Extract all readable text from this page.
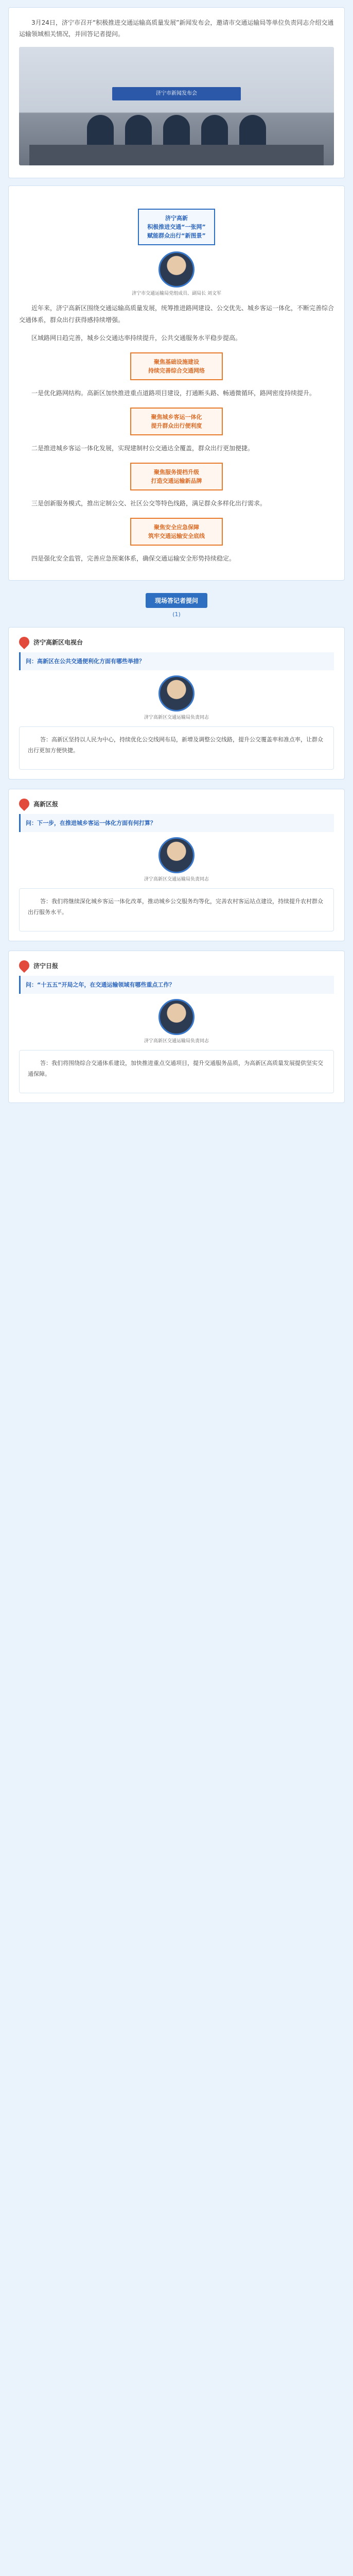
3月24日，济宁市召开“积极推进交通运输高质量发展”新闻发布会，邀请市交通运输局等单位负责同志介绍交通运输领域相关情况，并回答记者提问。

济宁市新闻发布会
济宁高新
积极推进交通“一张网”
赋能群众出行“新图景”
济宁市交通运输局党组成员、副局长 刘文军

近年来，济宁高新区围绕交通运输高质量发展，统筹推进路网建设、公交优先、城乡客运一体化，不断完善综合交通体系，群众出行获得感持续增强。

区域路网日趋完善，城乡公交通达率持续提升，公共交通服务水平稳步提高。

聚焦基础设施建设
持续完善综合交通网络

一是优化路网结构。高新区加快推进重点道路项目建设，打通断头路、畅通微循环，路网密度持续提升。

聚焦城乡客运一体化
提升群众出行便利度

二是推进城乡客运一体化发展，实现建制村公交通达全覆盖，群众出行更加便捷。

聚焦服务提档升级
打造交通运输新品牌

三是创新服务模式，推出定制公交、社区公交等特色线路，满足群众多样化出行需求。

聚焦安全应急保障
筑牢交通运输安全底线

四是强化安全监管，完善应急预案体系，确保交通运输安全形势持续稳定。

现场答记者提问
(1)
济宁高新区电视台
问：高新区在公共交通便利化方面有哪些举措？
济宁高新区交通运输局负责同志

答：高新区坚持以人民为中心，持续优化公交线网布局，新增及调整公交线路，提升公交覆盖率和准点率，让群众出行更加方便快捷。

高新区报
问：下一步，在推进城乡客运一体化方面有何打算？
济宁高新区交通运输局负责同志

答：我们将继续深化城乡客运一体化改革，推动城乡公交服务均等化，完善农村客运站点建设，持续提升农村群众出行服务水平。

济宁日报
问：“十五五”开局之年，在交通运输领域有哪些重点工作？
济宁高新区交通运输局负责同志

答：我们将围绕综合交通体系建设，加快推进重点交通项目，提升交通服务品质，为高新区高质量发展提供坚实交通保障。
